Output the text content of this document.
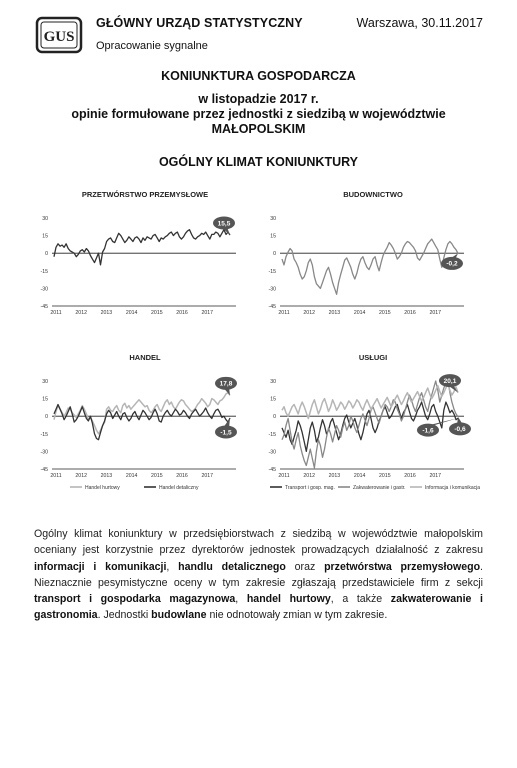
GUS
GŁÓWNY URZĄD STATYSTYCZNY	Warszawa, 30.11.2017
Opracowanie sygnalne
KONIUNKTURA GOSPODARCZA
w listopadzie 2017 r.
opinie formułowane przez jednostki z siedzibą w województwie
MAŁOPOLSKIM
OGÓLNY KLIMAT KONIUNKTURY
PRZETWÓRSTWO PRZEMYSŁOWE
30
15
0
-15
-30
-45
2011	2012	2013	2014	2015	2016	2017
15,5
BUDOWNICTWO
30
15
0
-15
-30
-45
2011	2012	2013	2014	2015	2016	2017
-0,2
HANDEL
30
15
0
-15
-30
-45
2011	2012	2013	2014	2015	2016	2017
17,8
-1,5
Handel hurtowy	Handel detaliczny
USŁUGI
30
15
0
-15
-30
-45
2011	2012	2013	2014	2015	2016	2017
20,1
-1,6	-0,6
Transport i gosp. mag.	Zakwaterowanie i gastr.	Informacja i komunikacja
Ogólny klimat koniunktury w przedsiębiorstwach z siedzibą w województwie małopolskim oceniany jest korzystnie przez dyrektorów jednostek prowadzących działalność z zakresu informacji i komunikacji, handlu detalicznego oraz przetwórstwa przemysłowego. Nieznacznie pesymistyczne oceny w tym zakresie zgłaszają przedstawiciele firm z sekcji transport i gospodarka magazynowa, handel hurtowy, a także zakwaterowanie i gastronomia. Jednostki budowlane nie odnotowały zmian w tym zakresie.
